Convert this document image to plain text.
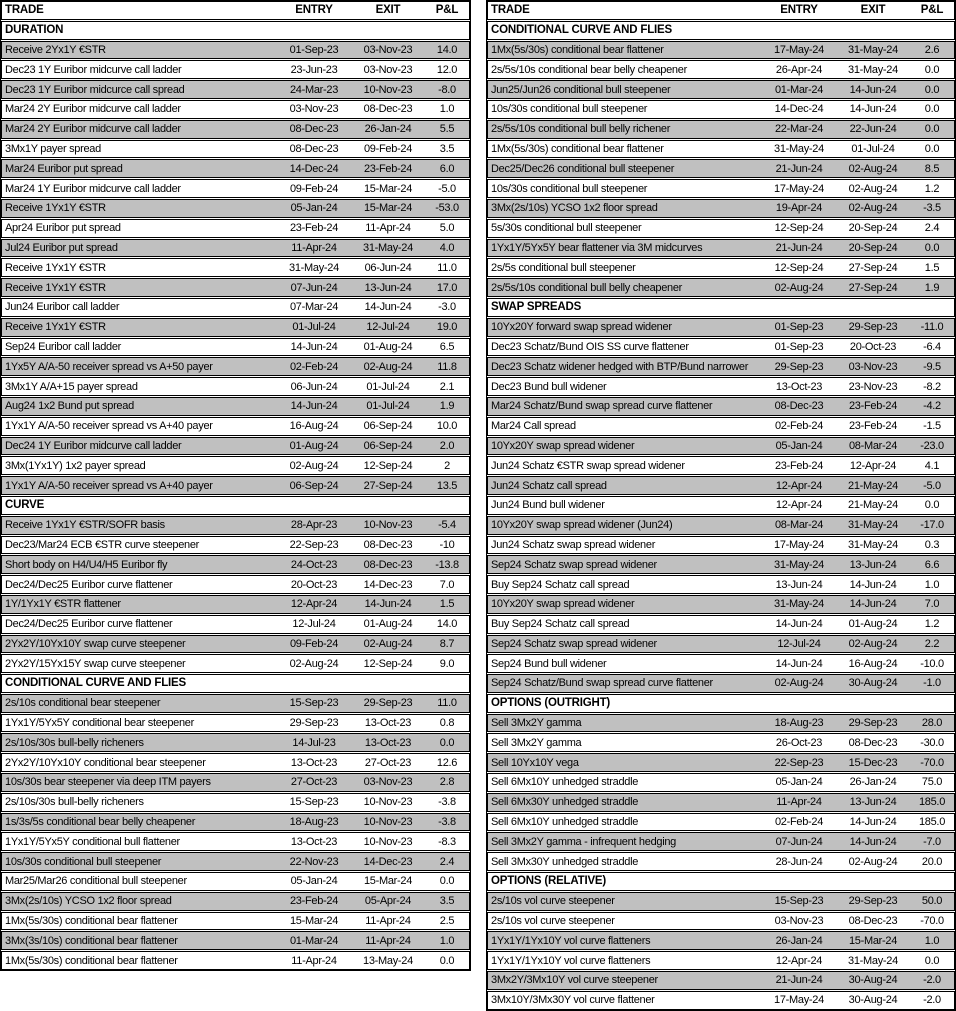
TRADE	ENTRY	EXIT	P&L
DURATION
Receive 2Yx1Y €STR	01-Sep-23	03-Nov-23	14.0
Dec23 1Y Euribor midcurve call ladder	23-Jun-23	03-Nov-23	12.0
Dec23 1Y Euribor midcurce call spread	24-Mar-23	10-Nov-23	-8.0
Mar24 2Y Euribor midcurve call ladder	03-Nov-23	08-Dec-23	1.0
Mar24 2Y Euribor midcurve call ladder	08-Dec-23	26-Jan-24	5.5
3Mx1Y payer spread	08-Dec-23	09-Feb-24	3.5
Mar24 Euribor put spread	14-Dec-24	23-Feb-24	6.0
Mar24 1Y Euribor midcurve call ladder	09-Feb-24	15-Mar-24	-5.0
Receive 1Yx1Y €STR	05-Jan-24	15-Mar-24	-53.0
Apr24 Euribor put spread	23-Feb-24	11-Apr-24	5.0
Jul24 Euribor put spread	11-Apr-24	31-May-24	4.0
Receive 1Yx1Y €STR	31-May-24	06-Jun-24	11.0
Receive 1Yx1Y €STR	07-Jun-24	13-Jun-24	17.0
Jun24 Euribor call ladder	07-Mar-24	14-Jun-24	-3.0
Receive 1Yx1Y €STR	01-Jul-24	12-Jul-24	19.0
Sep24 Euribor call ladder	14-Jun-24	01-Aug-24	6.5
1Yx5Y A/A-50 receiver spread vs A+50 payer	02-Feb-24	02-Aug-24	11.8
3Mx1Y A/A+15 payer spread	06-Jun-24	01-Jul-24	2.1
Aug24 1x2 Bund put spread	14-Jun-24	01-Jul-24	1.9
1Yx1Y A/A-50 receiver spread vs A+40 payer	16-Aug-24	06-Sep-24	10.0
Dec24 1Y Euribor midcurve call ladder	01-Aug-24	06-Sep-24	2.0
3Mx(1Yx1Y) 1x2 payer spread	02-Aug-24	12-Sep-24	2
1Yx1Y A/A-50 receiver spread vs A+40 payer	06-Sep-24	27-Sep-24	13.5
CURVE
Receive 1Yx1Y €STR/SOFR basis	28-Apr-23	10-Nov-23	-5.4
Dec23/Mar24 ECB €STR curve steepener	22-Sep-23	08-Dec-23	-10
Short body on H4/U4/H5 Euribor fly	24-Oct-23	08-Dec-23	-13.8
Dec24/Dec25 Euribor curve flattener	20-Oct-23	14-Dec-23	7.0
1Y/1Yx1Y €STR flattener	12-Apr-24	14-Jun-24	1.5
Dec24/Dec25 Euribor curve flattener	12-Jul-24	01-Aug-24	14.0
2Yx2Y/10Yx10Y swap curve steepener	09-Feb-24	02-Aug-24	8.7
2Yx2Y/15Yx15Y swap curve steepener	02-Aug-24	12-Sep-24	9.0
CONDITIONAL CURVE AND FLIES
2s/10s conditional bear steepener	15-Sep-23	29-Sep-23	11.0
1Yx1Y/5Yx5Y conditional bear steepener	29-Sep-23	13-Oct-23	0.8
2s/10s/30s bull-belly richeners	14-Jul-23	13-Oct-23	0.0
2Yx2Y/10Yx10Y conditional bear steepener	13-Oct-23	27-Oct-23	12.6
10s/30s bear steepener via deep ITM payers	27-Oct-23	03-Nov-23	2.8
2s/10s/30s bull-belly richeners	15-Sep-23	10-Nov-23	-3.8
1s/3s/5s conditional bear belly cheapener	18-Aug-23	10-Nov-23	-3.8
1Yx1Y/5Yx5Y conditional bull flattener	13-Oct-23	10-Nov-23	-8.3
10s/30s conditional bull steepener	22-Nov-23	14-Dec-23	2.4
Mar25/Mar26 conditional bull steepener	05-Jan-24	15-Mar-24	0.0
3Mx(2s/10s) YCSO 1x2 floor spread	23-Feb-24	05-Apr-24	3.5
1Mx(5s/30s) conditional bear flattener	15-Mar-24	11-Apr-24	2.5
3Mx(3s/10s) conditional bear flattener	01-Mar-24	11-Apr-24	1.0
1Mx(5s/30s) conditional bear flattener	11-Apr-24	13-May-24	0.0
TRADE	ENTRY	EXIT	P&L
CONDITIONAL CURVE AND FLIES
1Mx(5s/30s) conditional bear flattener	17-May-24	31-May-24	2.6
2s/5s/10s conditional bear belly cheapener	26-Apr-24	31-May-24	0.0
Jun25/Jun26 conditional bull steepener	01-Mar-24	14-Jun-24	0.0
10s/30s conditional bull steepener	14-Dec-24	14-Jun-24	0.0
2s/5s/10s conditional bull belly richener	22-Mar-24	22-Jun-24	0.0
1Mx(5s/30s) conditional bear flattener	31-May-24	01-Jul-24	0.0
Dec25/Dec26 conditional bull steepener	21-Jun-24	02-Aug-24	8.5
10s/30s conditional bull steepener	17-May-24	02-Aug-24	1.2
3Mx(2s/10s) YCSO 1x2 floor spread	19-Apr-24	02-Aug-24	-3.5
5s/30s conditional bull steepener	12-Sep-24	20-Sep-24	2.4
1Yx1Y/5Yx5Y bear flattener via 3M midcurves	21-Jun-24	20-Sep-24	0.0
2s/5s conditional bull steepener	12-Sep-24	27-Sep-24	1.5
2s/5s/10s conditional bull belly cheapener	02-Aug-24	27-Sep-24	1.9
SWAP SPREADS
10Yx20Y forward swap spread widener	01-Sep-23	29-Sep-23	-11.0
Dec23 Schatz/Bund OIS SS curve flattener	01-Sep-23	20-Oct-23	-6.4
Dec23 Schatz widener hedged with BTP/Bund narrower	29-Sep-23	03-Nov-23	-9.5
Dec23 Bund bull widener	13-Oct-23	23-Nov-23	-8.2
Mar24 Schatz/Bund swap spread curve flattener	08-Dec-23	23-Feb-24	-4.2
Mar24 Call spread	02-Feb-24	23-Feb-24	-1.5
10Yx20Y swap spread widener	05-Jan-24	08-Mar-24	-23.0
Jun24 Schatz €STR swap spread widener	23-Feb-24	12-Apr-24	4.1
Jun24 Schatz call spread	12-Apr-24	21-May-24	-5.0
Jun24 Bund bull widener	12-Apr-24	21-May-24	0.0
10Yx20Y swap spread widener (Jun24)	08-Mar-24	31-May-24	-17.0
Jun24 Schatz swap spread widener	17-May-24	31-May-24	0.3
Sep24 Schatz swap spread widener	31-May-24	13-Jun-24	6.6
Buy Sep24 Schatz call spread	13-Jun-24	14-Jun-24	1.0
10Yx20Y swap spread widener	31-May-24	14-Jun-24	7.0
Buy Sep24 Schatz call spread	14-Jun-24	01-Aug-24	1.2
Sep24 Schatz swap spread widener	12-Jul-24	02-Aug-24	2.2
Sep24 Bund bull widener	14-Jun-24	16-Aug-24	-10.0
Sep24 Schatz/Bund swap spread curve flattener	02-Aug-24	30-Aug-24	-1.0
OPTIONS (OUTRIGHT)
Sell 3Mx2Y gamma	18-Aug-23	29-Sep-23	28.0
Sell 3Mx2Y gamma	26-Oct-23	08-Dec-23	-30.0
Sell 10Yx10Y vega	22-Sep-23	15-Dec-23	-70.0
Sell 6Mx10Y unhedged straddle	05-Jan-24	26-Jan-24	75.0
Sell 6Mx30Y unhedged straddle	11-Apr-24	13-Jun-24	185.0
Sell 6Mx10Y unhedged straddle	02-Feb-24	14-Jun-24	185.0
Sell 3Mx2Y gamma - infrequent hedging	07-Jun-24	14-Jun-24	-7.0
Sell 3Mx30Y unhedged straddle	28-Jun-24	02-Aug-24	20.0
OPTIONS (RELATIVE)
2s/10s vol curve steepener	15-Sep-23	29-Sep-23	50.0
2s/10s vol curve steepener	03-Nov-23	08-Dec-23	-70.0
1Yx1Y/1Yx10Y vol curve flatteners	26-Jan-24	15-Mar-24	1.0
1Yx1Y/1Yx10Y vol curve flatteners	12-Apr-24	31-May-24	0.0
3Mx2Y/3Mx10Y vol curve steepener	21-Jun-24	30-Aug-24	-2.0
3Mx10Y/3Mx30Y vol curve flattener	17-May-24	30-Aug-24	-2.0
